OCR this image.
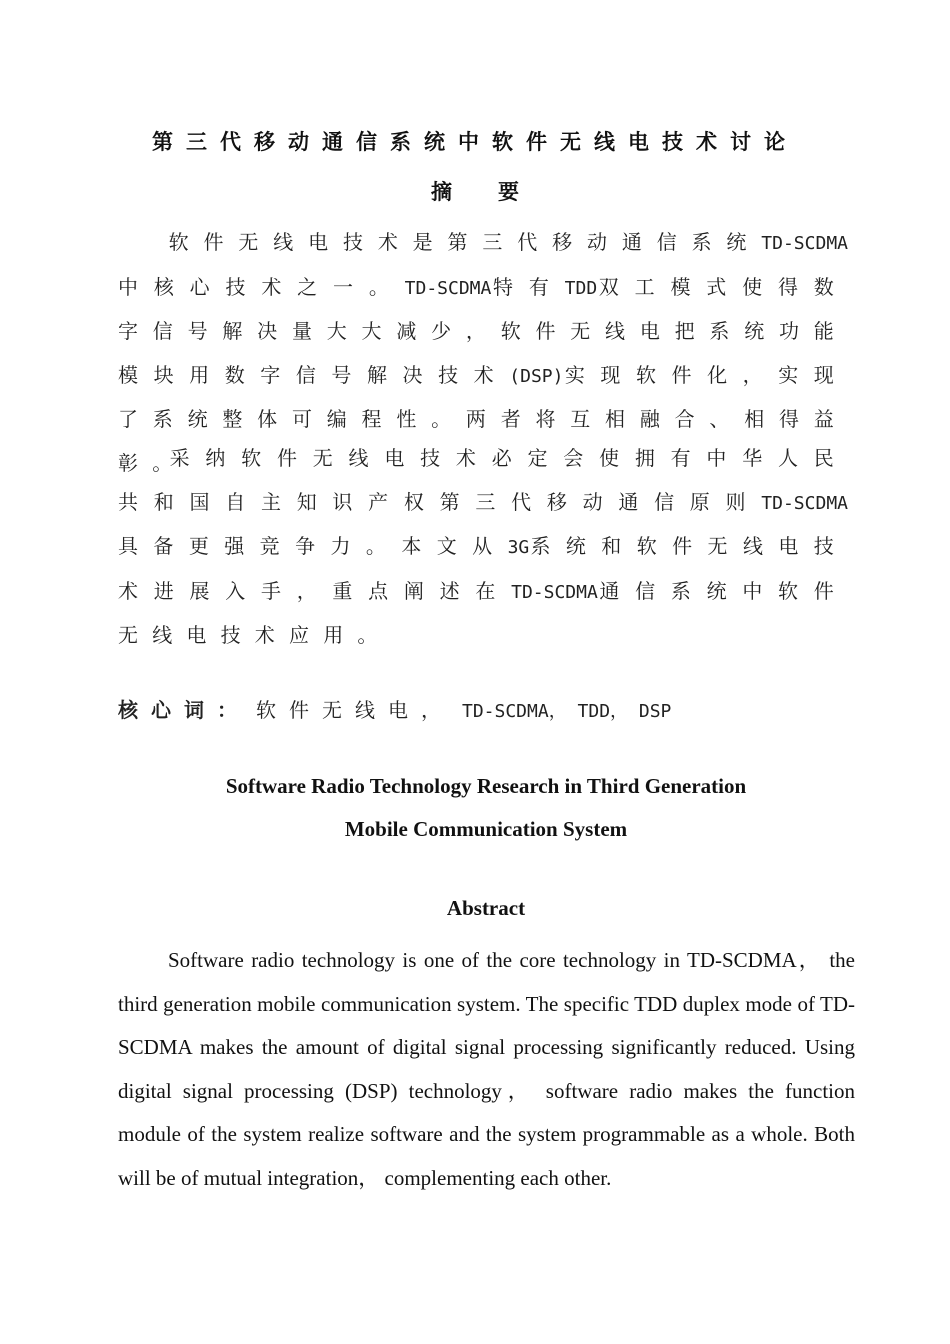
第三代移动通信系统中软件无线电技术讨论
摘要
软件无线电技术是第三代移动通信系统TD-SCDMA中核心技术之一。TD-SCDMA特有TDD双工模式使得数字信号解决量大大减少，软件无线电把系统功能模块用数字信号解决技术(DSP)实现软件化，实现了系统整体可编程性。两者将互相融合、相得益彰。
采纳软件无线电技术必定会使拥有中华人民共和国自主知识产权第三代移动通信原则TD-SCDMA具备更强竞争力。本文从3G系统和软件无线电技术进展入手，重点阐述在TD-SCDMA通信系统中软件无线电技术应用。
核心词： 软件无线电， TD-SCDMA， TDD， DSP
Software Radio Technology Research in Third Generation
Mobile Communication System
Abstract
Software radio technology is one of the core technology in TD-SCDMA， the third generation mobile communication system. The specific TDD duplex mode of TD-SCDMA makes the amount of digital signal processing significantly reduced. Using digital signal processing (DSP) technology， software radio makes the function module of the system realize software and the system programmable as a whole. Both will be of mutual integration， complementing each other.
